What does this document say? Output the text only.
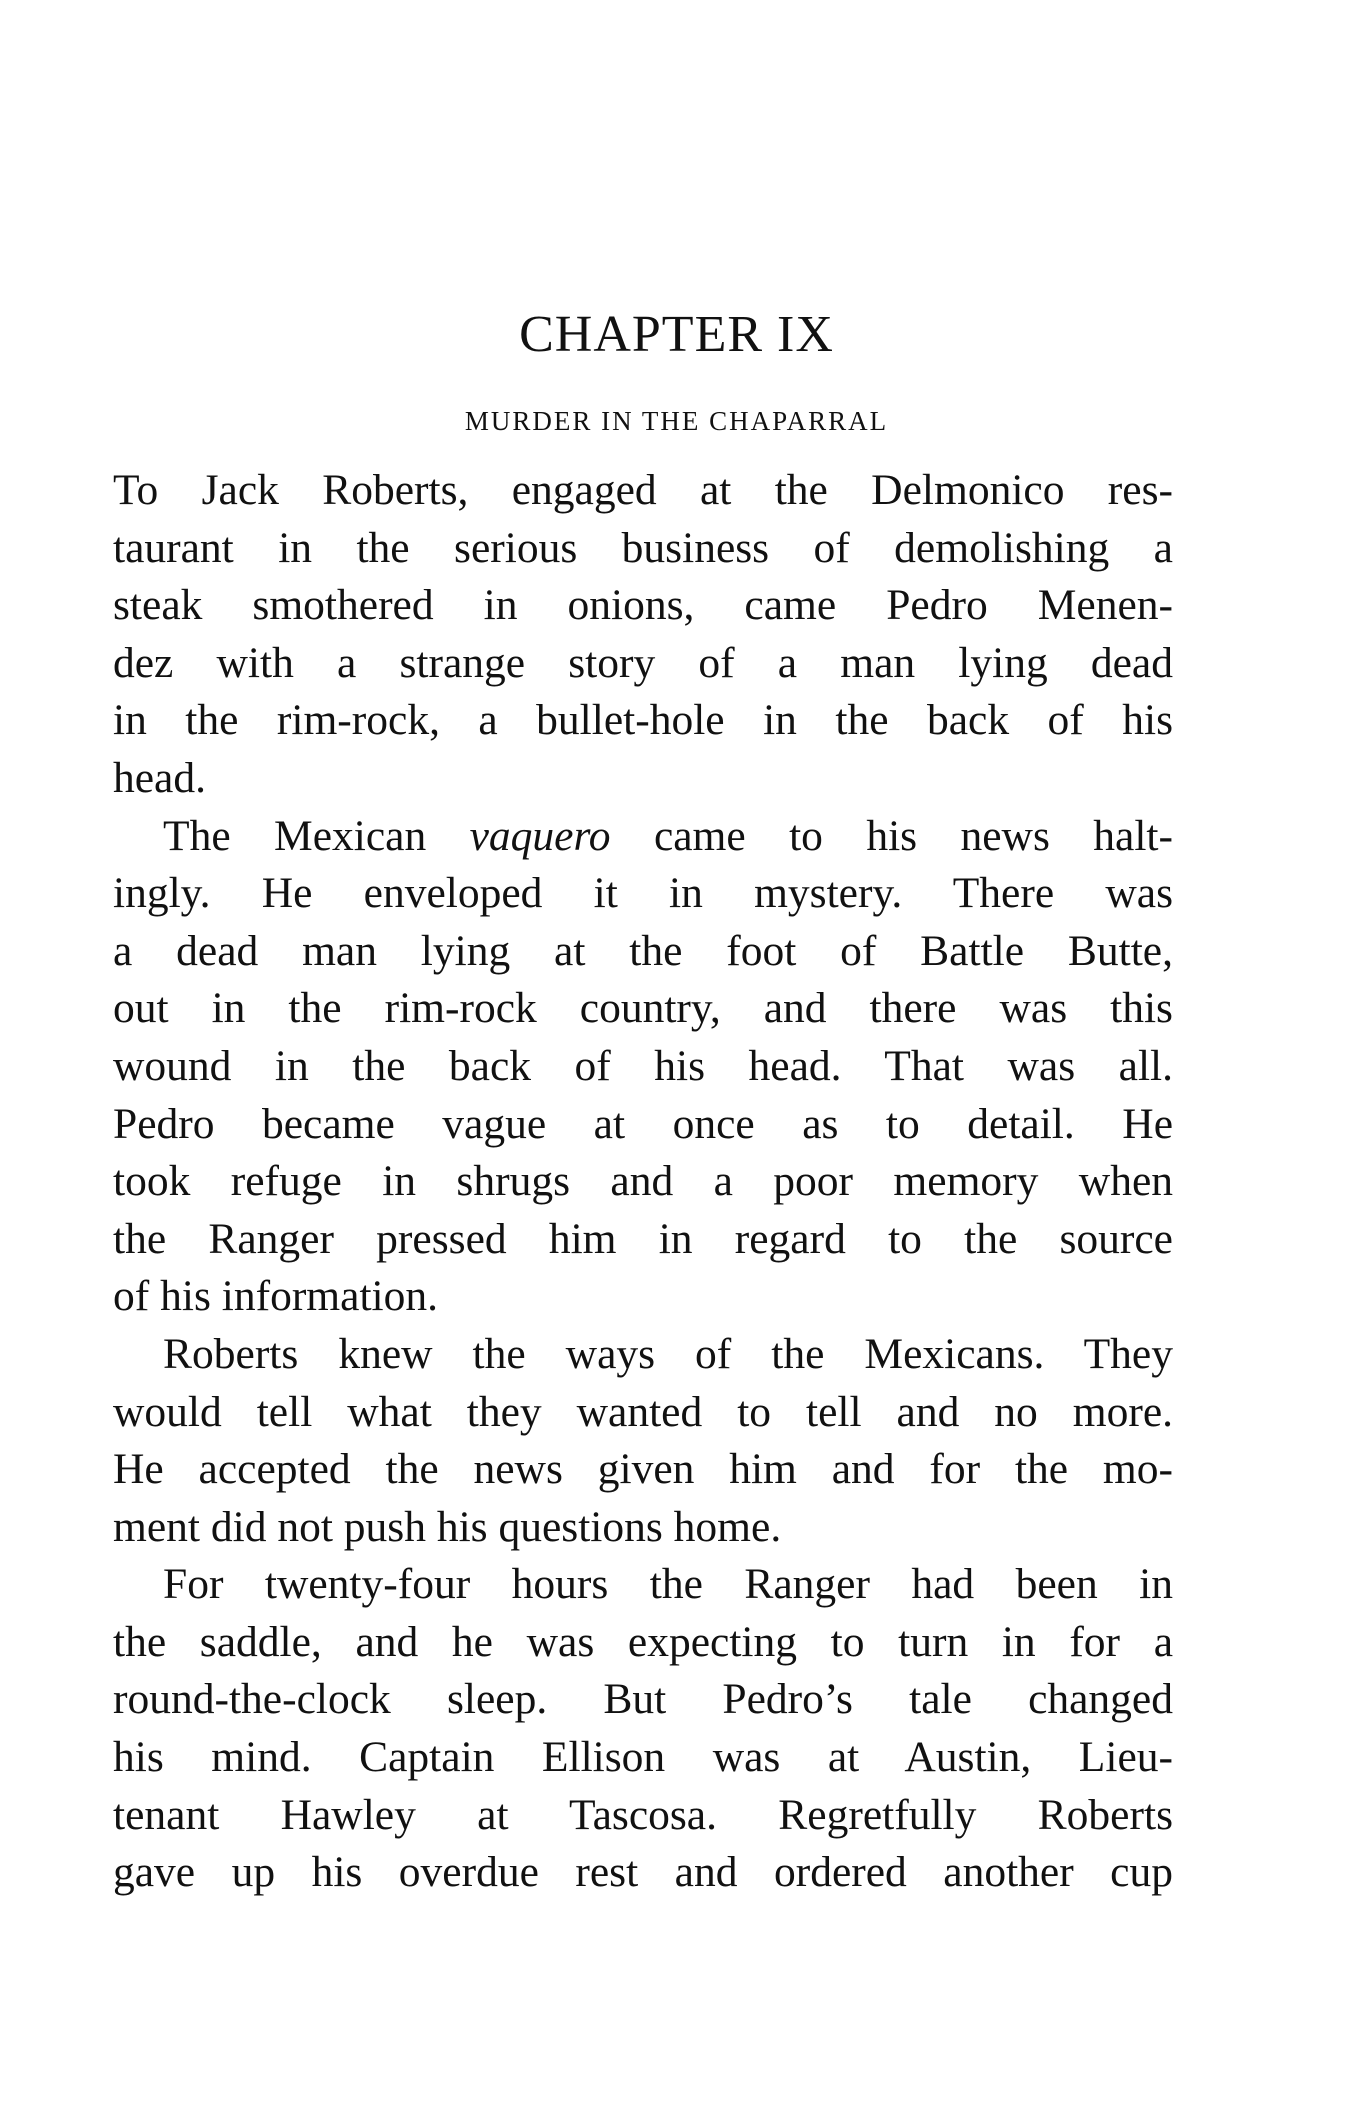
CHAPTER IX
MURDER IN THE CHAPARRAL
To Jack Roberts, engaged at the Delmonico res-
taurant in the serious business of demolishing a
steak smothered in onions, came Pedro Menen-
dez with a strange story of a man lying dead
in the rim-rock, a bullet-hole in the back of his
head.
The Mexican vaquero came to his news halt-
ingly. He enveloped it in mystery. There was
a dead man lying at the foot of Battle Butte,
out in the rim-rock country, and there was this
wound in the back of his head. That was all.
Pedro became vague at once as to detail. He
took refuge in shrugs and a poor memory when
the Ranger pressed him in regard to the source
of his information.
Roberts knew the ways of the Mexicans. They
would tell what they wanted to tell and no more.
He accepted the news given him and for the mo-
ment did not push his questions home.
For twenty-four hours the Ranger had been in
the saddle, and he was expecting to turn in for a
round-the-clock sleep. But Pedro’s tale changed
his mind. Captain Ellison was at Austin, Lieu-
tenant Hawley at Tascosa. Regretfully Roberts
gave up his overdue rest and ordered another cup
